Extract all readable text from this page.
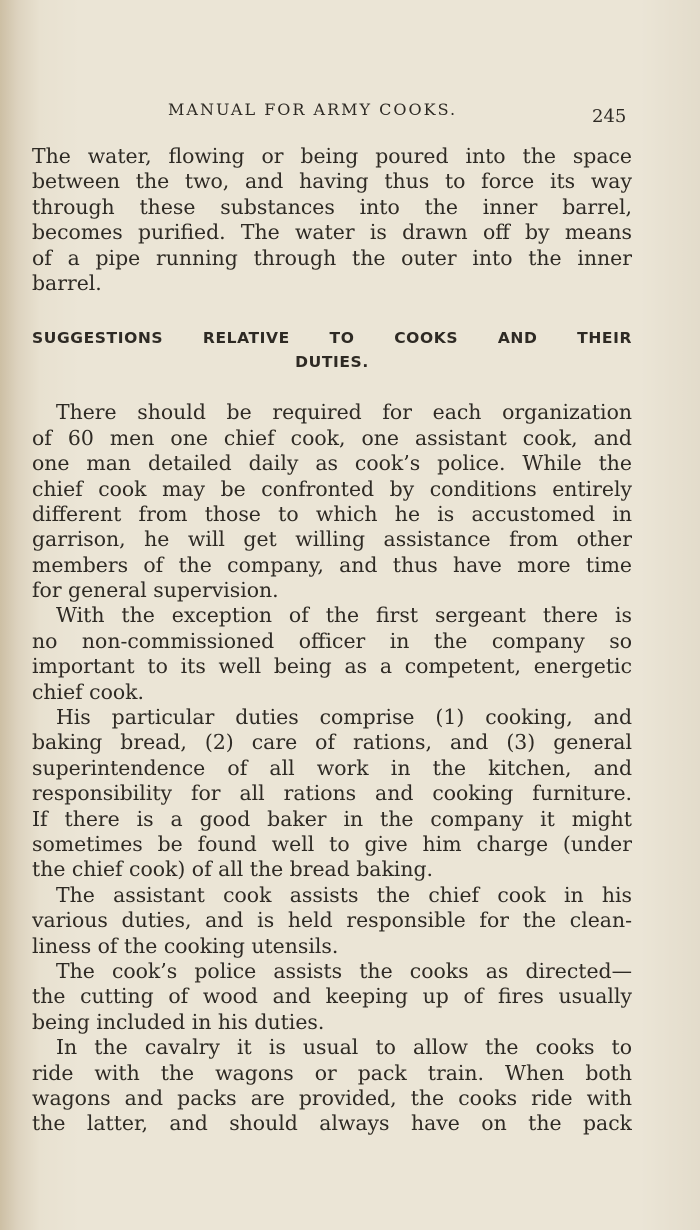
MANUAL FOR ARMY COOKS.	245
The water, flowing or being poured into the space
between the two, and having thus to force its way
through these substances into the inner barrel,
becomes purified. The water is drawn off by means
of a pipe running through the outer into the inner
barrel.
SUGGESTIONS RELATIVE TO COOKS AND THEIR
DUTIES.
There should be required for each organization
of 60 men one chief cook, one assistant cook, and
one man detailed daily as cook’s police. While the
chief cook may be confronted by conditions entirely
different from those to which he is accustomed in
garrison, he will get willing assistance from other
members of the company, and thus have more time
for general supervision.
With the exception of the first sergeant there is
no non-commissioned officer in the company so
important to its well being as a competent, energetic
chief cook.
His particular duties comprise (1) cooking, and
baking bread, (2) care of rations, and (3) general
superintendence of all work in the kitchen, and
responsibility for all rations and cooking furniture.
If there is a good baker in the company it might
sometimes be found well to give him charge (under
the chief cook) of all the bread baking.
The assistant cook assists the chief cook in his
various duties, and is held responsible for the clean-
liness of the cooking utensils.
The cook’s police assists the cooks as directed—
the cutting of wood and keeping up of fires usually
being included in his duties.
In the cavalry it is usual to allow the cooks to
ride with the wagons or pack train. When both
wagons and packs are provided, the cooks ride with
the latter, and should always have on the pack
